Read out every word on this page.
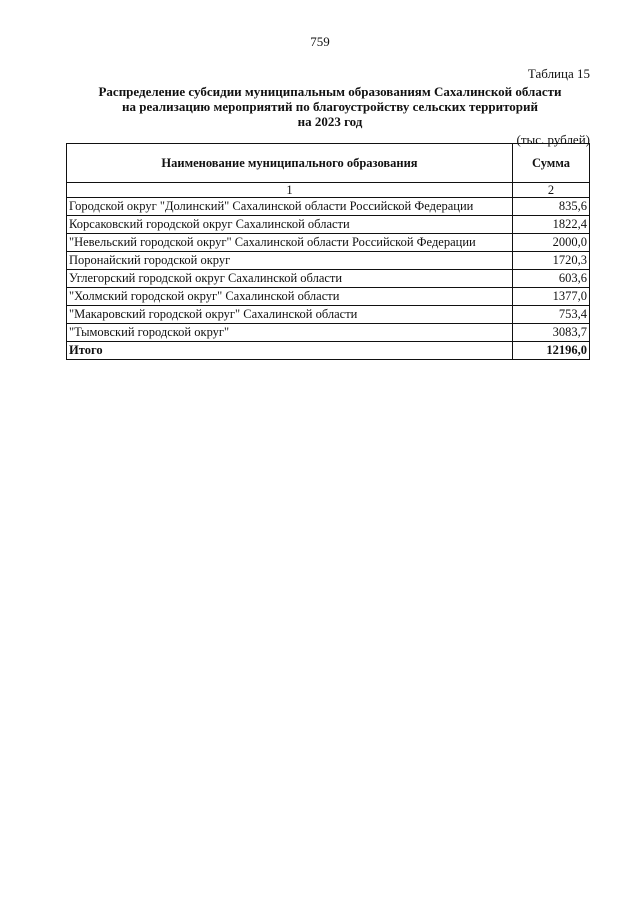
759
Таблица 15
Распределение субсидии муниципальным образованиям Сахалинской области
на реализацию мероприятий по благоустройству сельских территорий
на 2023 год
(тыс. рублей)
Наименование муниципального образования	Сумма
1	2
Городской округ "Долинский" Сахалинской области Российской Федерации	835,6
Корсаковский городской округ Сахалинской области	1822,4
"Невельский городской округ" Сахалинской области Российской Федерации	2000,0
Поронайский городской округ	1720,3
Углегорский городской округ Сахалинской области	603,6
"Холмский городской округ" Сахалинской области	1377,0
"Макаровский городской округ" Сахалинской области	753,4
"Тымовский городской округ"	3083,7
Итого	12196,0
